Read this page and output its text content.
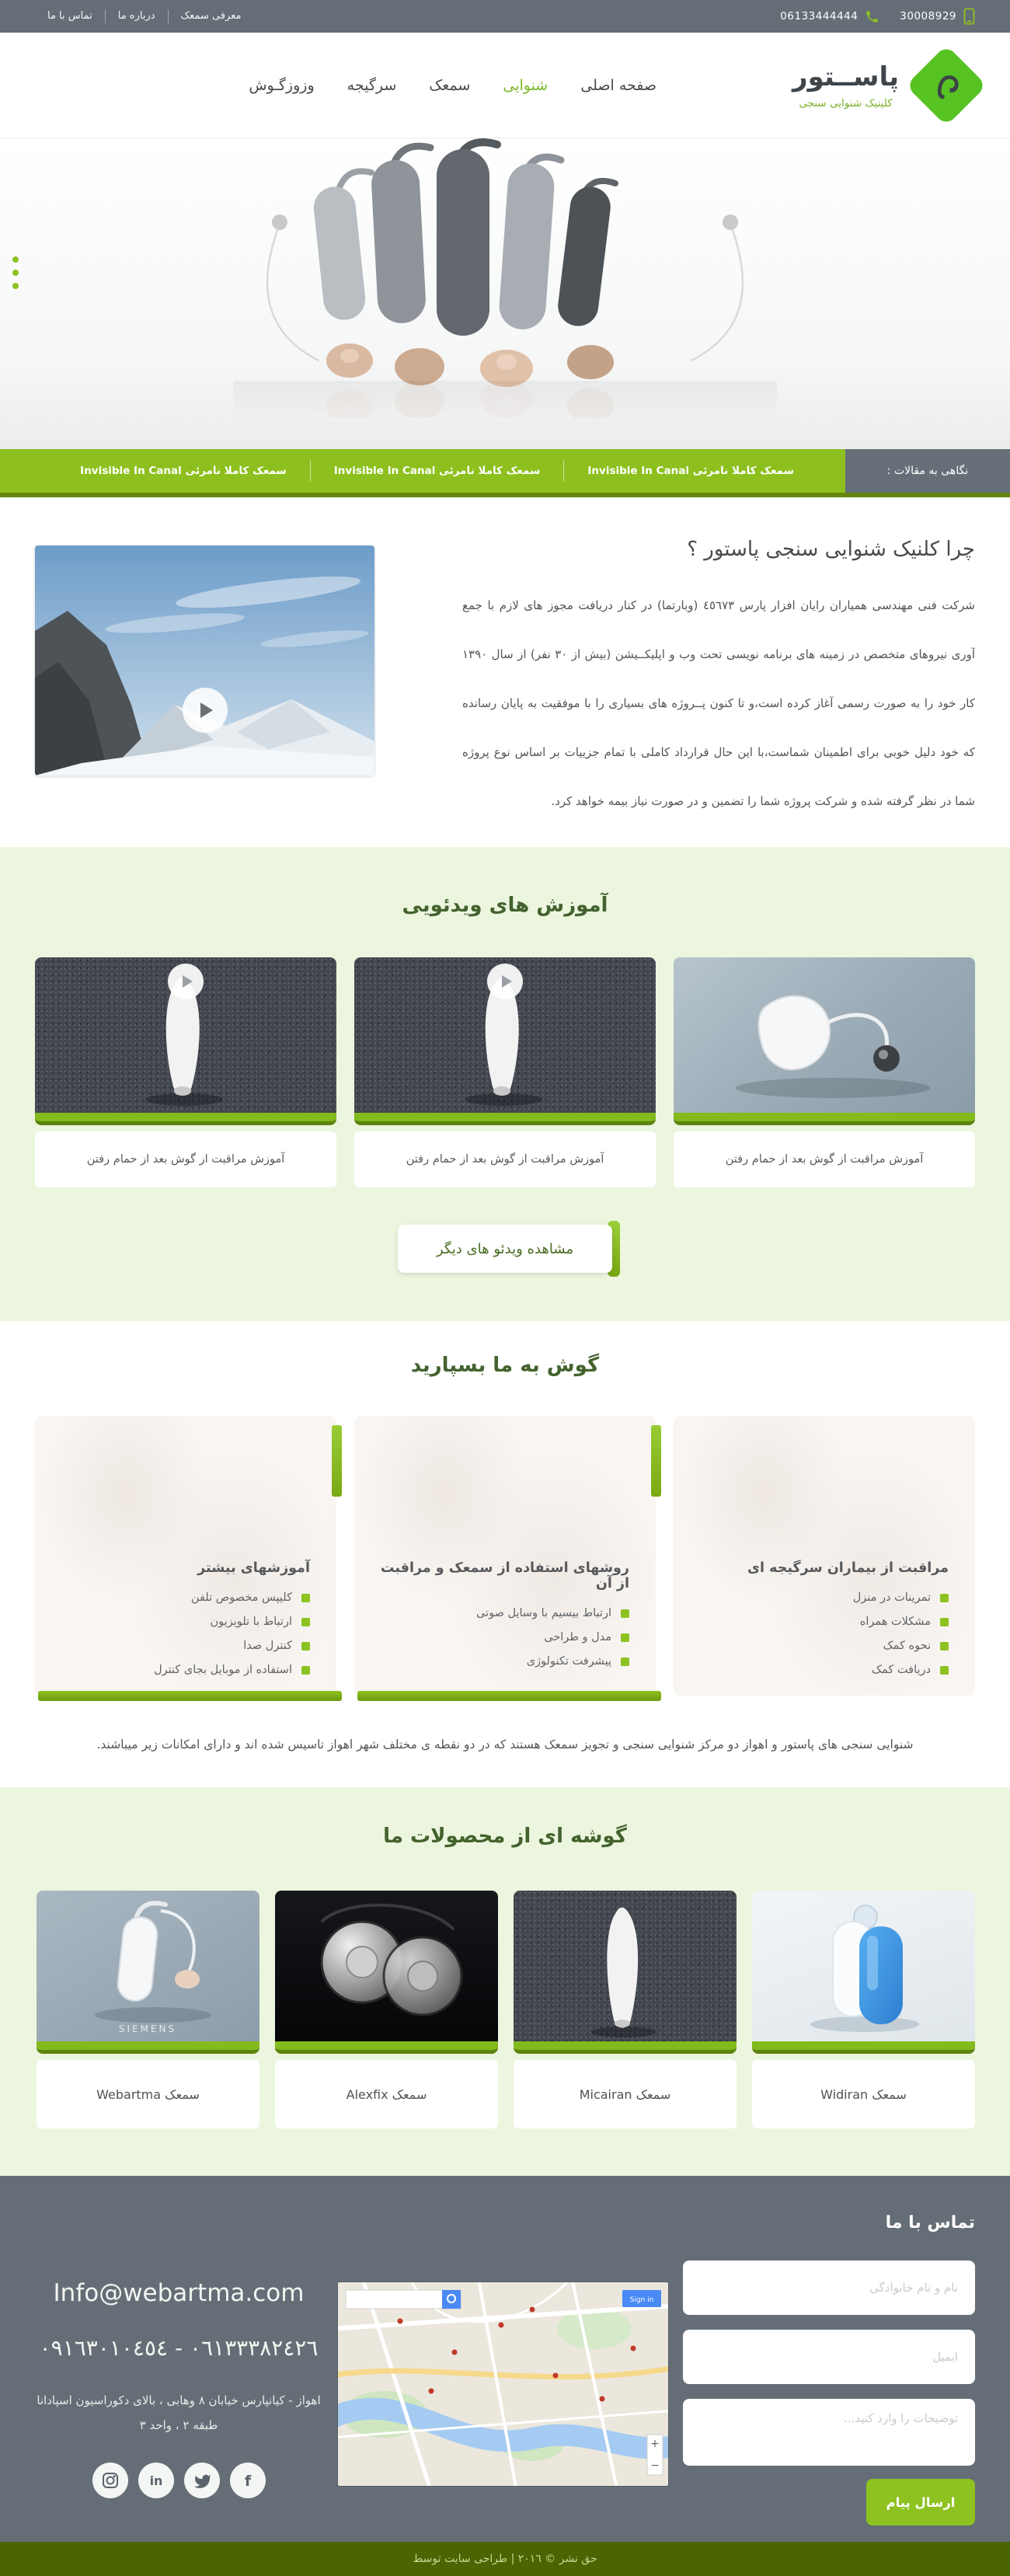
معرفی سمعک
درباره ما
تماس با ما	06133444444	30008929
پاســتور
کلینیک شنوایی سنجی
صفحه اصلی
شنوایی
سمعک
سرگیجه
وزوزگـوش
نگاهی به مقالات :
سمعک کاملا نامرئی Invisible In Canal
سمعک کاملا نامرئی Invisible In Canal
سمعک کاملا نامرئی Invisible In Canal
چرا کلنیک شنوایی سنجی پاستور ؟

شرکت فنی مهندسی همیاران رایان افزار پارس ٤٥٦٧٣ (وبارتما) در کنار دریافت مجوز های لازم با جمع آوری نیروهای متخصص در زمینه های برنامه نویسی تحت وب و اپلیکــیشن (بیش از ٣٠ نفر) از سال ١٣٩٠ کار خود را به صورت رسمی آغاز کرده است،و تا کنون پــروژه های بسیاری را با موفقیت به پایان رسانده که خود دلیل خوبی برای اطمینان شماست،با این حال قرارداد کاملی با تمام جزییات بر اساس نوع پروژه شما در نظر گرفته شده و شرکت پروژه شما را تضمین و در صورت نیاز بیمه خواهد کرد.

آموزش های ویدئویی
آموزش مراقبت از گوش بعد از حمام رفتن
آموزش مراقبت از گوش بعد از حمام رفتن
آموزش مراقبت از گوش بعد از حمام رفتن
مشاهده ویدئو های دیگر
گوش به ما بسپارید
مراقبت از بیماران سرگیجه ای
تمرینات در منزل
مشکلات همراه
نحوه کمک
دریافت کمک
روشهای استفاده از سمعک و مراقبت از آن
ارتباط بیسیم با وسایل صوتی
مدل و طراحی
پیشرفت تکنولوژی
آموزشهای بیشتر
کلیپس مخصوص تلفن
ارتباط با تلویزیون
کنترل صدا
استفاده از موبایل بجای کنترل

شنوایی سنجی های پاستور و اهواز دو مرکز شنوایی سنجی و تجویز سمعک هستند که در دو نقطه ی مختلف شهر اهواز تاسیس شده اند و دارای امکانات زیر میباشند.

گوشه ای از محصولات ما
سمعک Widiran
سمعک Micairan
سمعک Alexfix
SIEMENS
سمعک Webartma
تماس با ما
نام و نام خانوادگی ایمیل توضیحات را وارد کنید...
ارسال پیام
Sign in
+
−
Info@webartma.com
٠٦١٣٣٣٨٢٤٢٦ - ٠٩١٦٣٠١٠٤٥٤
اهواز - کیانپارس خیابان ٨ وهابی ، بالای دکوراسیون اسپادانا
طبقه ٢ ، واحد ٣
in	f
حق نشر © ٢٠١٦ | طراحی سایت توسط
